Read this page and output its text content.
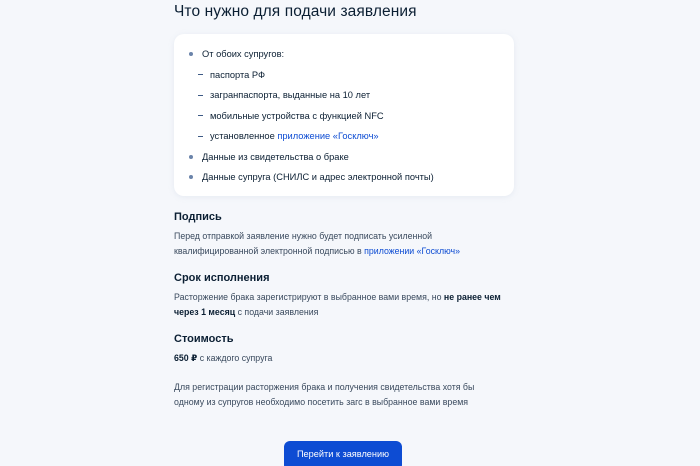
Что нужно для подачи заявления
От обоих супругов:
паспорта РФ
загранпаспорта, выданные на 10 лет
мобильные устройства с функцией NFC
установленное приложение «Госключ»
Данные из свидетельства о браке
Данные супруга (СНИЛС и адрес электронной почты)
Подпись
Перед отправкой заявление нужно будет подписать усиленной
квалифицированной электронной подписью в приложении «Госключ»
Срок исполнения
Расторжение брака зарегистрируют в выбранное вами время, но не ранее чем
через 1 месяц с подачи заявления
Стоимость
650 ₽ с каждого супруга
Для регистрации расторжения брака и получения свидетельства хотя бы
одному из супругов необходимо посетить загс в выбранное вами время
Перейти к заявлению
